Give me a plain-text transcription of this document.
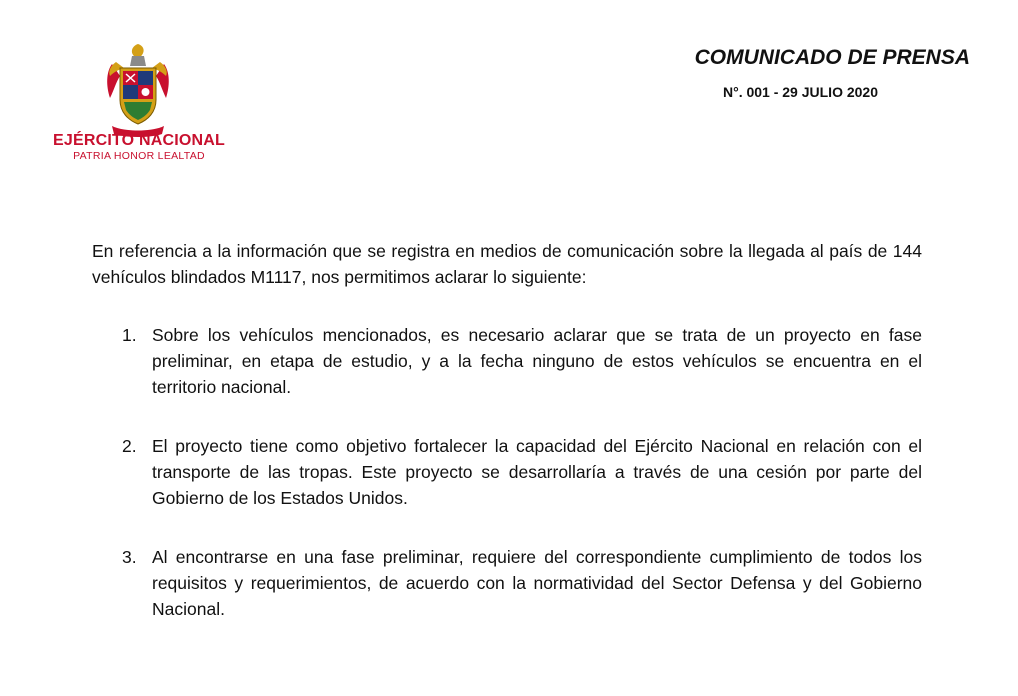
EJÉRCITO NACIONAL
PATRIA HONOR LEALTAD
COMUNICADO DE PRENSA
N°. 001 - 29 JULIO 2020

En referencia a la información que se registra en medios de comunicación sobre la llegada al país de 144 vehículos blindados M1117, nos permitimos aclarar lo siguiente:

1. Sobre los vehículos mencionados, es necesario aclarar que se trata de un proyecto en fase preliminar, en etapa de estudio, y a la fecha ninguno de estos vehículos se encuentra en el territorio nacional.
2. El proyecto tiene como objetivo fortalecer la capacidad del Ejército Nacional en relación con el transporte de las tropas. Este proyecto se desarrollaría a través de una cesión por parte del Gobierno de los Estados Unidos.
3. Al encontrarse en una fase preliminar, requiere del correspondiente cumplimiento de todos los requisitos y requerimientos, de acuerdo con la normatividad del Sector Defensa y del Gobierno Nacional.
